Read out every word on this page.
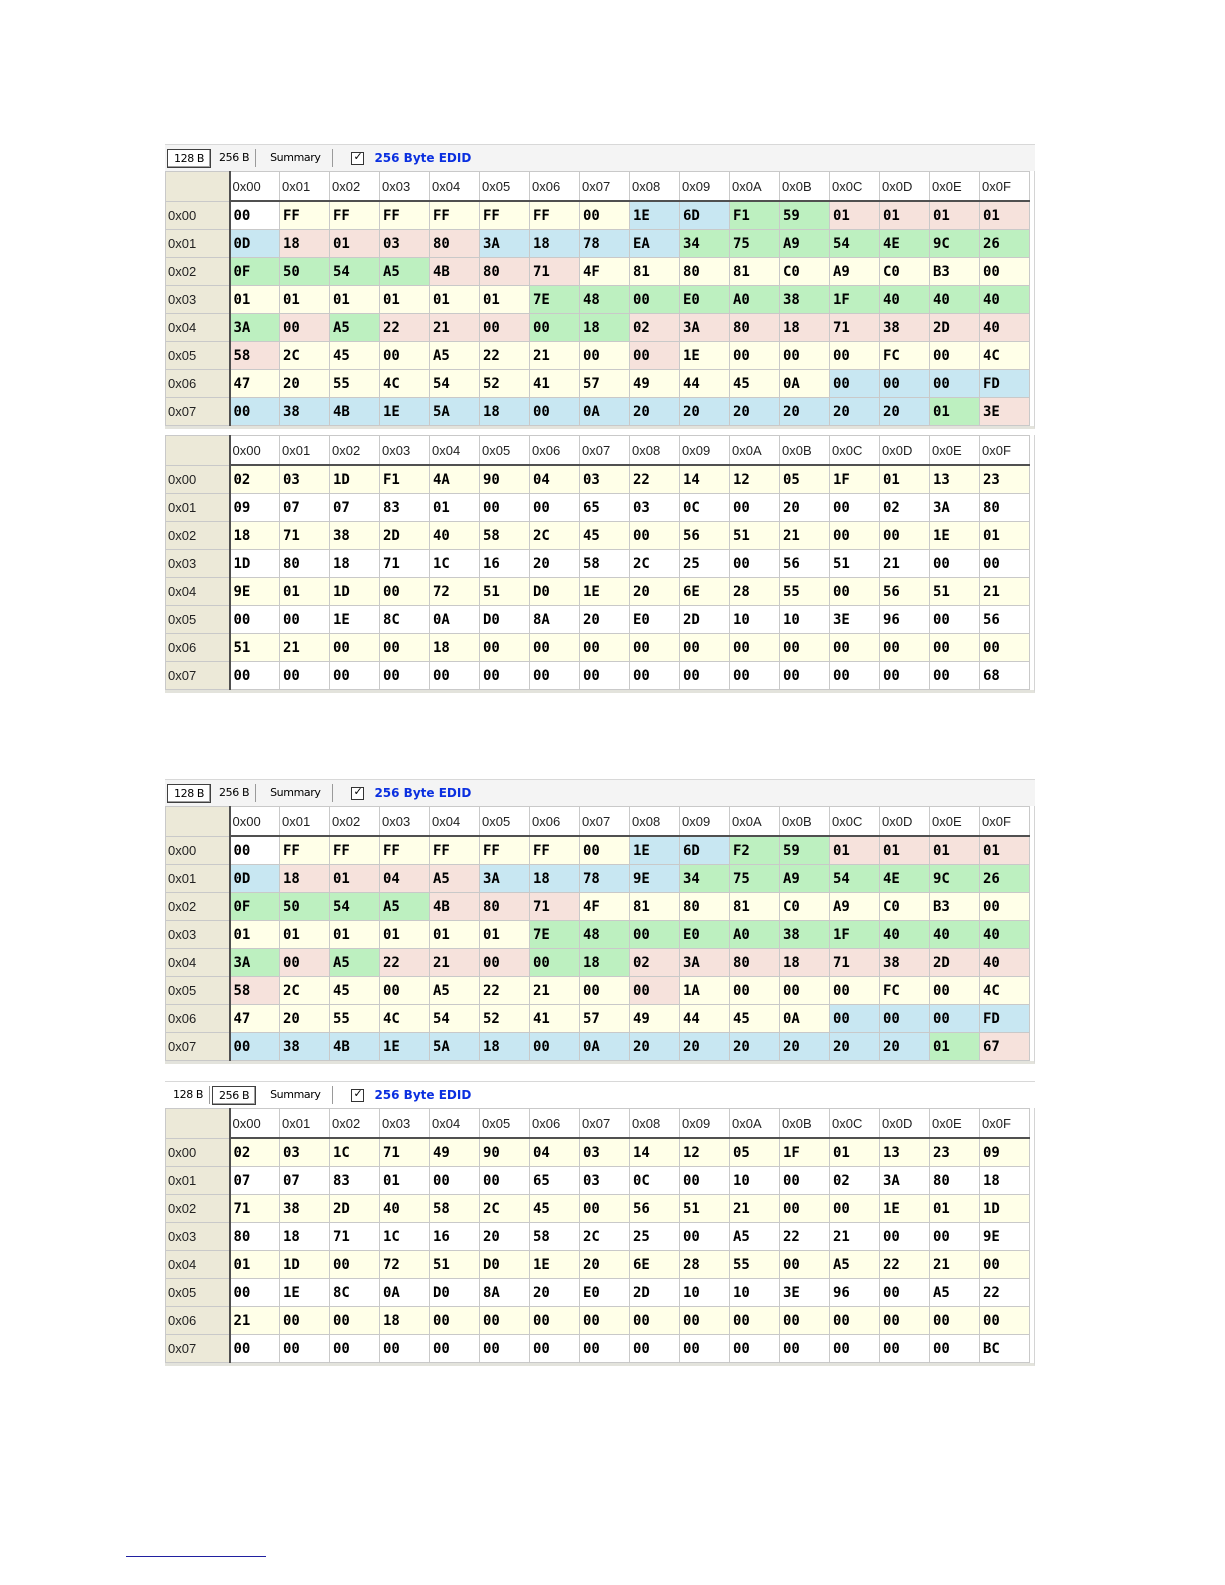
128 B	256 B	Summary ✓	256 Byte EDID
	0x00	0x01	0x02	0x03	0x04	0x05	0x06	0x07	0x08	0x09	0x0A	0x0B	0x0C	0x0D	0x0E	0x0F
0x00	00	FF	FF	FF	FF	FF	FF	00	1E	6D	F1	59	01	01	01	01
0x01	0D	18	01	03	80	3A	18	78	EA	34	75	A9	54	4E	9C	26
0x02	0F	50	54	A5	4B	80	71	4F	81	80	81	C0	A9	C0	B3	00
0x03	01	01	01	01	01	01	7E	48	00	E0	A0	38	1F	40	40	40
0x04	3A	00	A5	22	21	00	00	18	02	3A	80	18	71	38	2D	40
0x05	58	2C	45	00	A5	22	21	00	00	1E	00	00	00	FC	00	4C
0x06	47	20	55	4C	54	52	41	57	49	44	45	0A	00	00	00	FD
0x07	00	38	4B	1E	5A	18	00	0A	20	20	20	20	20	20	01	3E
	0x00	0x01	0x02	0x03	0x04	0x05	0x06	0x07	0x08	0x09	0x0A	0x0B	0x0C	0x0D	0x0E	0x0F
0x00	02	03	1D	F1	4A	90	04	03	22	14	12	05	1F	01	13	23
0x01	09	07	07	83	01	00	00	65	03	0C	00	20	00	02	3A	80
0x02	18	71	38	2D	40	58	2C	45	00	56	51	21	00	00	1E	01
0x03	1D	80	18	71	1C	16	20	58	2C	25	00	56	51	21	00	00
0x04	9E	01	1D	00	72	51	D0	1E	20	6E	28	55	00	56	51	21
0x05	00	00	1E	8C	0A	D0	8A	20	E0	2D	10	10	3E	96	00	56
0x06	51	21	00	00	18	00	00	00	00	00	00	00	00	00	00	00
0x07	00	00	00	00	00	00	00	00	00	00	00	00	00	00	00	68
128 B	256 B	Summary ✓	256 Byte EDID
	0x00	0x01	0x02	0x03	0x04	0x05	0x06	0x07	0x08	0x09	0x0A	0x0B	0x0C	0x0D	0x0E	0x0F
0x00	00	FF	FF	FF	FF	FF	FF	00	1E	6D	F2	59	01	01	01	01
0x01	0D	18	01	04	A5	3A	18	78	9E	34	75	A9	54	4E	9C	26
0x02	0F	50	54	A5	4B	80	71	4F	81	80	81	C0	A9	C0	B3	00
0x03	01	01	01	01	01	01	7E	48	00	E0	A0	38	1F	40	40	40
0x04	3A	00	A5	22	21	00	00	18	02	3A	80	18	71	38	2D	40
0x05	58	2C	45	00	A5	22	21	00	00	1A	00	00	00	FC	00	4C
0x06	47	20	55	4C	54	52	41	57	49	44	45	0A	00	00	00	FD
0x07	00	38	4B	1E	5A	18	00	0A	20	20	20	20	20	20	01	67
128 B	256 B	Summary ✓	256 Byte EDID
	0x00	0x01	0x02	0x03	0x04	0x05	0x06	0x07	0x08	0x09	0x0A	0x0B	0x0C	0x0D	0x0E	0x0F
0x00	02	03	1C	71	49	90	04	03	14	12	05	1F	01	13	23	09
0x01	07	07	83	01	00	00	65	03	0C	00	10	00	02	3A	80	18
0x02	71	38	2D	40	58	2C	45	00	56	51	21	00	00	1E	01	1D
0x03	80	18	71	1C	16	20	58	2C	25	00	A5	22	21	00	00	9E
0x04	01	1D	00	72	51	D0	1E	20	6E	28	55	00	A5	22	21	00
0x05	00	1E	8C	0A	D0	8A	20	E0	2D	10	10	3E	96	00	A5	22
0x06	21	00	00	18	00	00	00	00	00	00	00	00	00	00	00	00
0x07	00	00	00	00	00	00	00	00	00	00	00	00	00	00	00	BC
